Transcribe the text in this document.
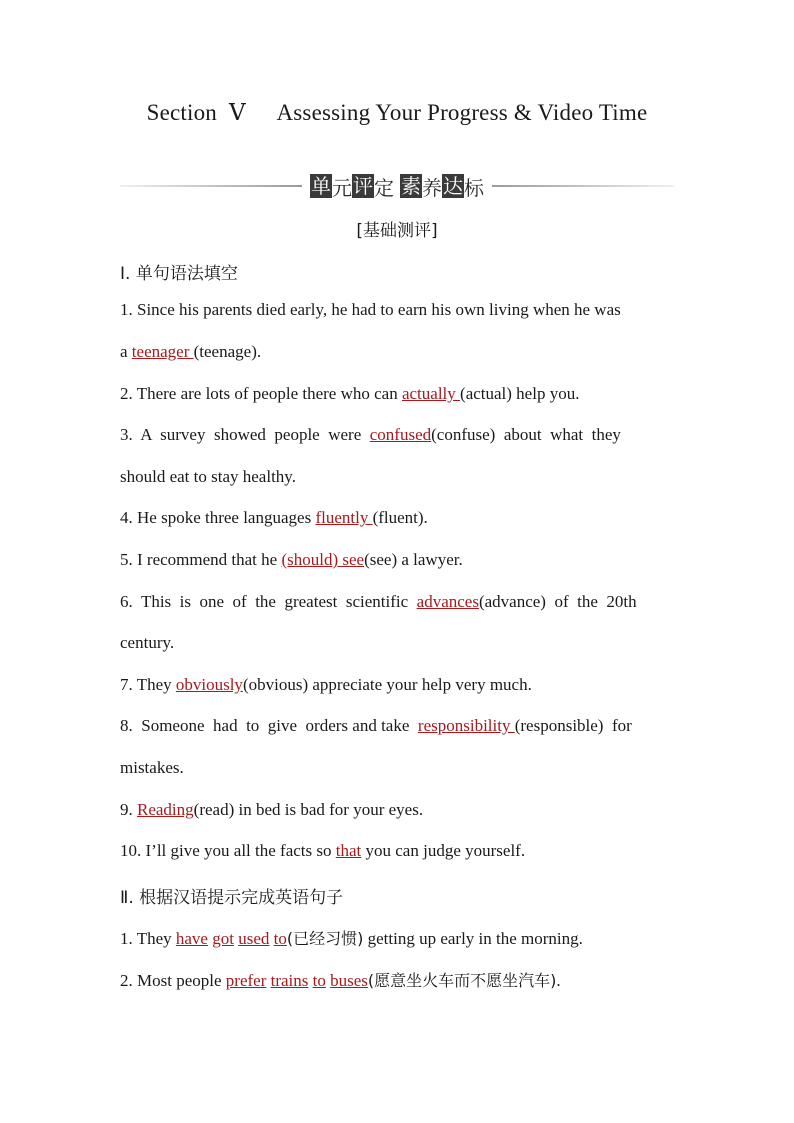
Section Ⅴ Assessing Your Progress & Video Time
单 元 评 定 素 养 达 标
[基础测评]
Ⅰ. 单句语法填空
1. Since his parents died early, he had to earn his own living when he was
a teenager (teenage).
2. There are lots of people there who can actually (actual) help you.
3.  A  survey  showed  people  were  confused(confuse)  about  what  they
should eat to stay healthy.
4. He spoke three languages fluently (fluent).
5. I recommend that he (should) see(see) a lawyer.
6.  This  is  one  of  the  greatest  scientific  advances(advance)  of  the  20th
century.
7. They obviously(obvious) appreciate your help very much.
8.  Someone  had  to  give  orders and take  responsibility (responsible)  for
mistakes.
9. Reading(read) in bed is bad for your eyes.
10. I’ll give you all the facts so that you can judge yourself.
Ⅱ. 根据汉语提示完成英语句子
1. They have got used to(已经习惯) getting up early in the morning.
2. Most people prefer trains to buses(愿意坐火车而不愿坐汽车).
